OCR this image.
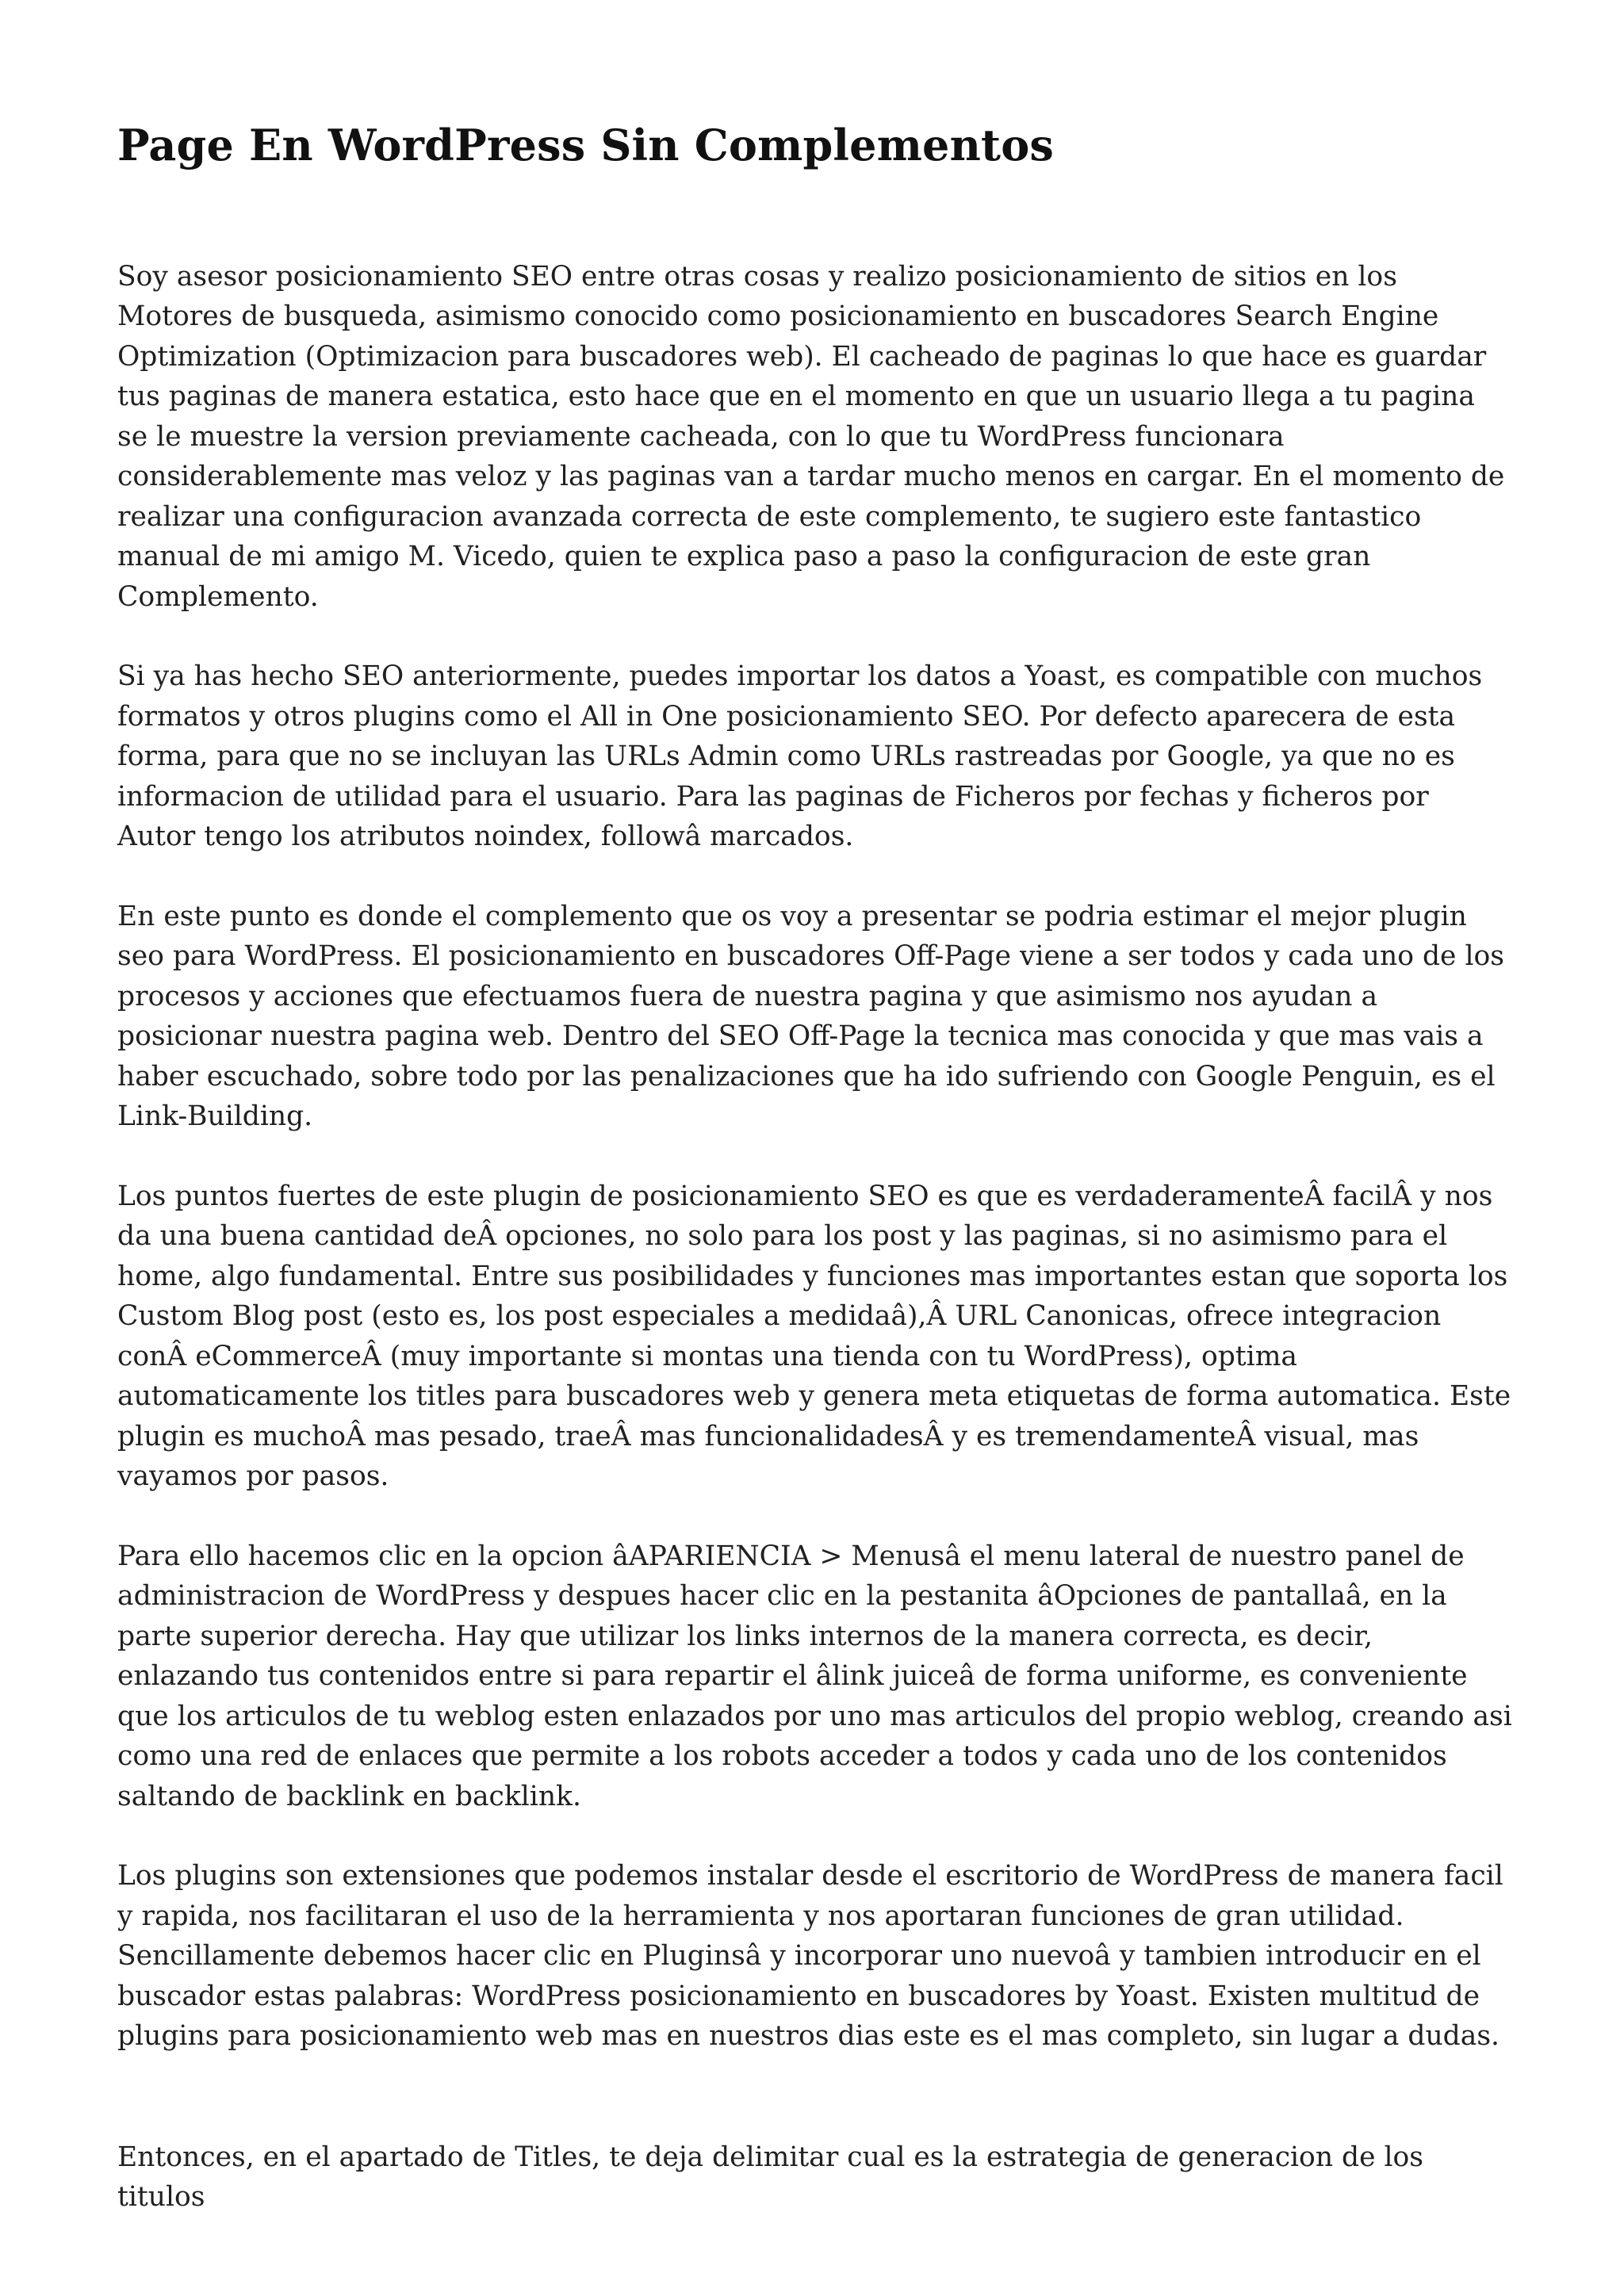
Page En WordPress Sin Complementos

Soy asesor posicionamiento SEO entre otras cosas y realizo posicionamiento de sitios en los Motores de busqueda, asimismo conocido como posicionamiento en buscadores Search Engine Optimization (Optimizacion para buscadores web). El cacheado de paginas lo que hace es guardar tus paginas de manera estatica, esto hace que en el momento en que un usuario llega a tu pagina se le muestre la version previamente cacheada, con lo que tu WordPress funcionara considerablemente mas veloz y las paginas van a tardar mucho menos en cargar. En el momento de realizar una configuracion avanzada correcta de este complemento, te sugiero este fantastico manual de mi amigo M. Vicedo, quien te explica paso a paso la configuracion de este gran Complemento.

Si ya has hecho SEO anteriormente, puedes importar los datos a Yoast, es compatible con muchos formatos y otros plugins como el All in One posicionamiento SEO. Por defecto aparecera de esta forma, para que no se incluyan las URLs Admin como URLs rastreadas por Google, ya que no es informacion de utilidad para el usuario. Para las paginas de Ficheros por fechas y ficheros por Autor tengo los atributos noindex, followâ marcados.

En este punto es donde el complemento que os voy a presentar se podria estimar el mejor plugin seo para WordPress. El posicionamiento en buscadores Off-Page viene a ser todos y cada uno de los procesos y acciones que efectuamos fuera de nuestra pagina y que asimismo nos ayudan a posicionar nuestra pagina web. Dentro del SEO Off-Page la tecnica mas conocida y que mas vais a haber escuchado, sobre todo por las penalizaciones que ha ido sufriendo con Google Penguin, es el Link-Building.

Los puntos fuertes de este plugin de posicionamiento SEO es que es verdaderamenteÂ facilÂ y nos da una buena cantidad deÂ opciones, no solo para los post y las paginas, si no asimismo para el home, algo fundamental. Entre sus posibilidades y funciones mas importantes estan que soporta los Custom Blog post (esto es, los post especiales a medidaâ),Â URL Canonicas, ofrece integracion conÂ eCommerceÂ (muy importante si montas una tienda con tu WordPress), optima automaticamente los titles para buscadores web y genera meta etiquetas de forma automatica. Este plugin es muchoÂ mas pesado, traeÂ mas funcionalidadesÂ y es tremendamenteÂ visual, mas vayamos por pasos.

Para ello hacemos clic en la opcion âAPARIENCIA > Menusâ el menu lateral de nuestro panel de administracion de WordPress y despues hacer clic en la pestanita âOpciones de pantallaâ, en la parte superior derecha. Hay que utilizar los links internos de la manera correcta, es decir, enlazando tus contenidos entre si para repartir el âlink juiceâ de forma uniforme, es conveniente que los articulos de tu weblog esten enlazados por uno mas articulos del propio weblog, creando asi como una red de enlaces que permite a los robots acceder a todos y cada uno de los contenidos saltando de backlink en backlink.

Los plugins son extensiones que podemos instalar desde el escritorio de WordPress de manera facil y rapida, nos facilitaran el uso de la herramienta y nos aportaran funciones de gran utilidad. Sencillamente debemos hacer clic en Pluginsâ y incorporar uno nuevoâ y tambien introducir en el buscador estas palabras: WordPress posicionamiento en buscadores by Yoast. Existen multitud de plugins para posicionamiento web mas en nuestros dias este es el mas completo, sin lugar a dudas.

Entonces, en el apartado de Titles, te deja delimitar cual es la estrategia de generacion de los titulos
